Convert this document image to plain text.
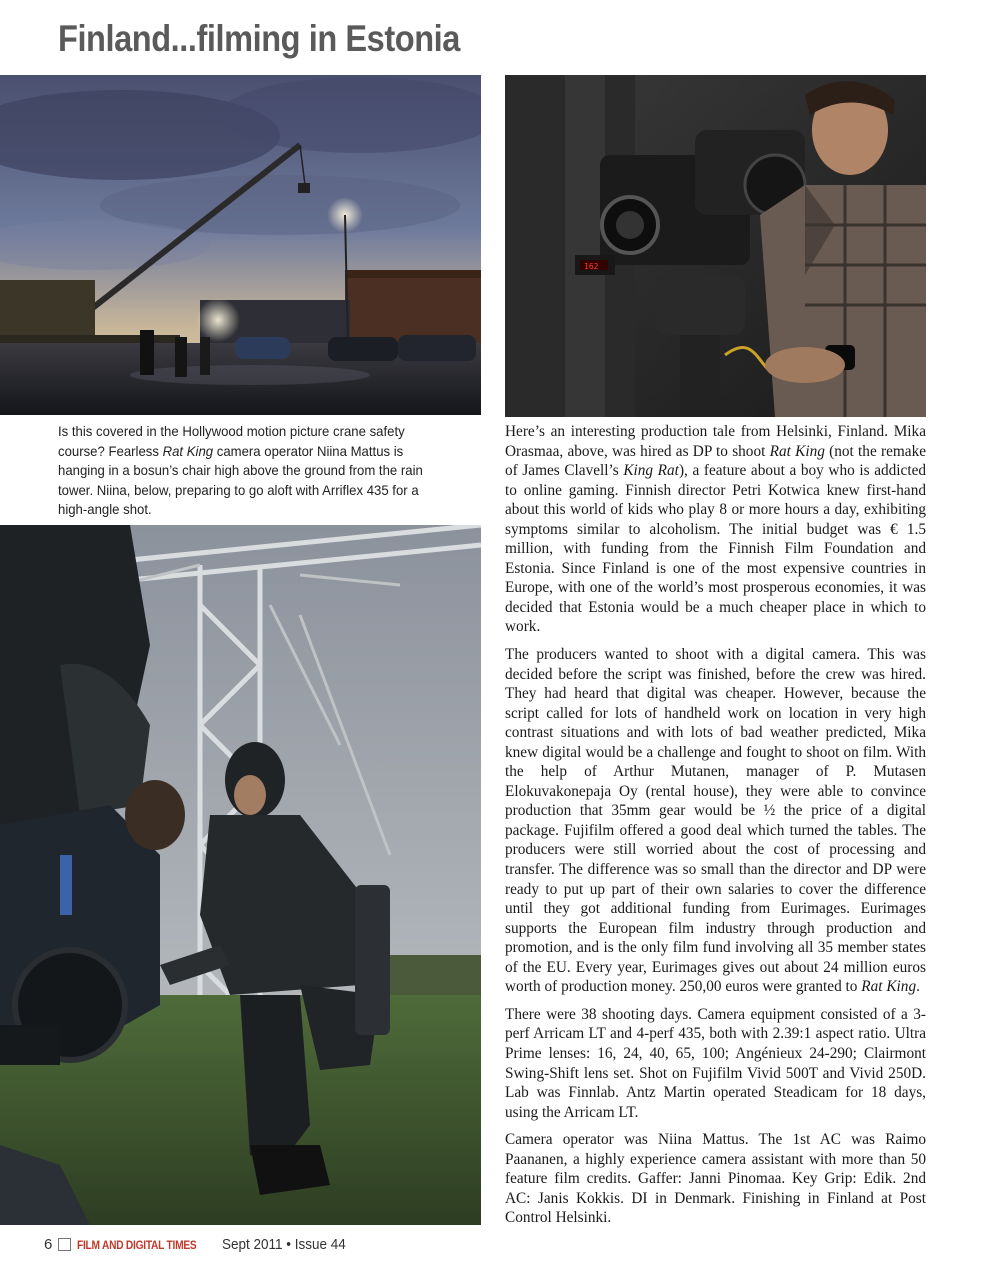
Finland...filming in Estonia
162
Is this covered in the Hollywood motion picture crane safety course? Fearless Rat King camera operator Niina Mattus is hanging in a bosun’s chair high above the ground from the rain tower. Niina, below, preparing to go aloft with Arriflex 435 for a high-angle shot.

Here’s an interesting production tale from Helsinki, Finland. Mika Orasmaa, above, was hired as DP to shoot Rat King (not the remake of James Clavell’s King Rat), a feature about a boy who is addicted to online gaming. Finnish director Petri Kotwica knew first-hand about this world of kids who play 8 or more hours a day, exhibiting symptoms similar to alcoholism. The initial budget was € 1.5 million, with funding from the Finnish Film Foundation and Estonia. Since Finland is one of the most expensive countries in Europe, with one of the world’s most prosperous economies, it was decided that Estonia would be a much cheaper place in which to work.

The producers wanted to shoot with a digital camera. This was decided before the script was finished, before the crew was hired. They had heard that digital was cheaper. However, because the script called for lots of handheld work on location in very high contrast situations and with lots of bad weather predicted, Mika knew digital would be a challenge and fought to shoot on film. With the help of Arthur Mutanen, manager of P. Mutasen Elokuvakonepaja Oy (rental house), they were able to convince production that 35mm gear would be ½ the price of a digital package. Fujifilm offered a good deal which turned the tables. The producers were still worried about the cost of processing and transfer. The difference was so small than the director and DP were ready to put up part of their own salaries to cover the difference until they got additional funding from Eurimages. Eurimages supports the European film industry through production and promotion, and is the only film fund involving all 35 member states of the EU. Every year, Eurimages gives out about 24 million euros worth of production money. 250,00 euros were granted to Rat King.

There were 38 shooting days. Camera equipment consisted of a 3-perf Arricam LT and 4-perf 435, both with 2.39:1 aspect ratio. Ultra Prime lenses: 16, 24, 40, 65, 100; Angénieux 24-290; Clairmont Swing-Shift lens set. Shot on Fujifilm Vivid 500T and Vivid 250D. Lab was Finnlab. Antz Martin operated Steadicam for 18 days, using the Arricam LT.

Camera operator was Niina Mattus. The 1st AC was Raimo Paananen, a highly experience camera assistant with more than 50 feature film credits. Gaffer: Janni Pinomaa. Key Grip: Edik. 2nd AC: Janis Kokkis. DI in Denmark. Finishing in Finland at Post Control Helsinki.

6 FILM AND DIGITAL TIMES Sept 2011 • Issue 44
